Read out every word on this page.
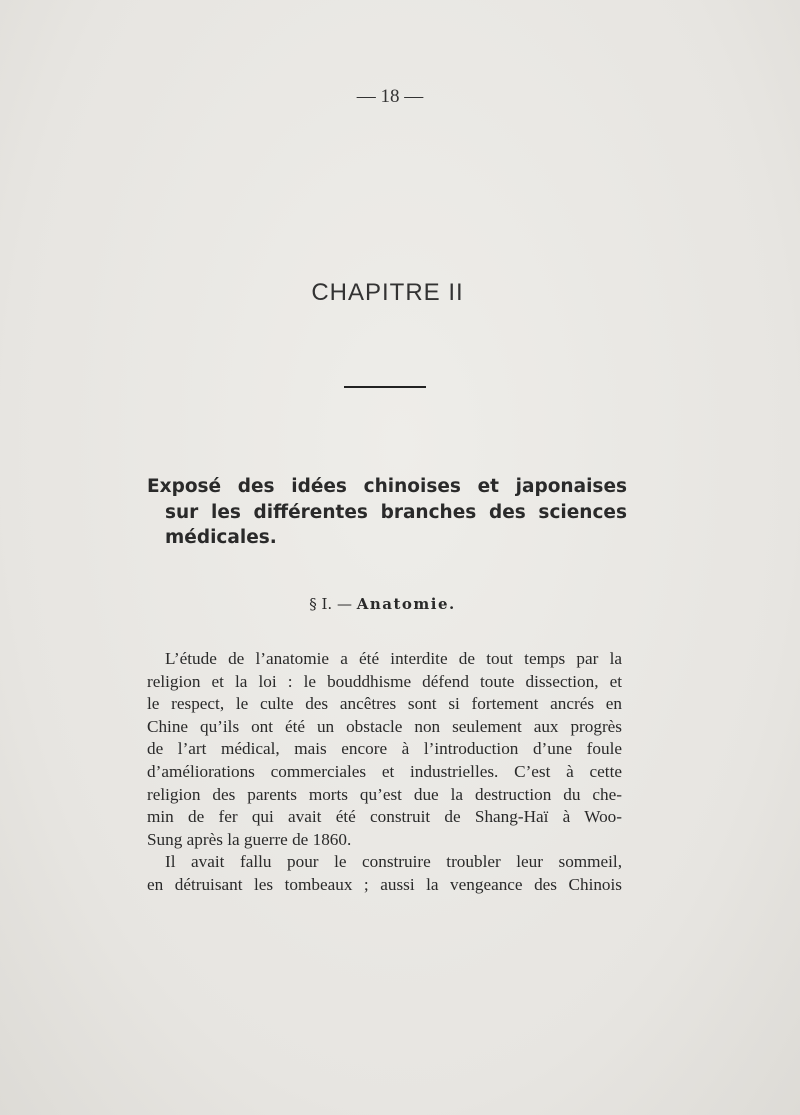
— 18 —
CHAPITRE II
Exposé des idées chinoises et japonaises
sur les différentes branches des sciences
médicales.
§ I. — Anatomie.
L’étude de l’anatomie a été interdite de tout temps par la
religion et la loi : le bouddhisme défend toute dissection, et
le respect, le culte des ancêtres sont si fortement ancrés en
Chine qu’ils ont été un obstacle non seulement aux progrès
de l’art médical, mais encore à l’introduction d’une foule
d’améliorations commerciales et industrielles. C’est à cette
religion des parents morts qu’est due la destruction du che-
min de fer qui avait été construit de Shang-Haï à Woo-
Sung après la guerre de 1860.
Il avait fallu pour le construire troubler leur sommeil,
en détruisant les tombeaux ; aussi la vengeance des Chinois
